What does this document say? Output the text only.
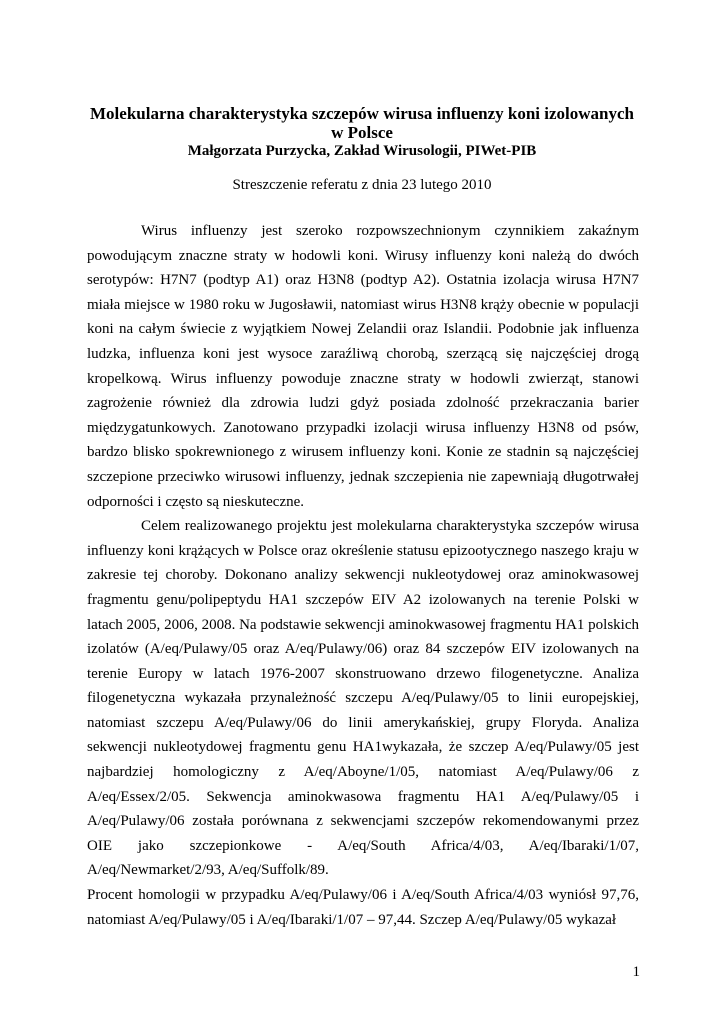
Molekularna charakterystyka szczepów wirusa influenzy koni izolowanych
w Polsce
Małgorzata Purzycka, Zakład Wirusologii, PIWet-PIB
Streszczenie referatu z dnia 23 lutego 2010

Wirus influenzy jest szeroko rozpowszechnionym czynnikiem zakaźnym powodującym znaczne straty w hodowli koni. Wirusy influenzy koni należą do dwóch serotypów: H7N7 (podtyp A1) oraz H3N8 (podtyp A2). Ostatnia izolacja wirusa H7N7 miała miejsce w 1980 roku w Jugosławii, natomiast wirus H3N8 krąży obecnie w populacji koni na całym świecie z wyjątkiem Nowej Zelandii oraz Islandii. Podobnie jak influenza ludzka, influenza koni jest wysoce zaraźliwą chorobą, szerzącą się najczęściej drogą kropelkową. Wirus influenzy powoduje znaczne straty w hodowli zwierząt, stanowi zagrożenie również dla zdrowia ludzi gdyż posiada zdolność przekraczania barier międzygatunkowych. Zanotowano przypadki izolacji wirusa influenzy H3N8 od psów, bardzo blisko spokrewnionego z wirusem influenzy koni. Konie ze stadnin są najczęściej szczepione przeciwko wirusowi influenzy, jednak szczepienia nie zapewniają długotrwałej odporności i często są nieskuteczne.

Celem realizowanego projektu jest molekularna charakterystyka szczepów wirusa influenzy koni krążących w Polsce oraz określenie statusu epizootycznego naszego kraju w zakresie tej choroby. Dokonano analizy sekwencji nukleotydowej oraz aminokwasowej fragmentu genu/polipeptydu HA1 szczepów EIV A2 izolowanych na terenie Polski w latach 2005, 2006, 2008. Na podstawie sekwencji aminokwasowej fragmentu HA1 polskich izolatów (A/eq/Pulawy/05 oraz A/eq/Pulawy/06) oraz 84 szczepów EIV izolowanych na terenie Europy w latach 1976-2007 skonstruowano drzewo filogenetyczne. Analiza filogenetyczna wykazała przynależność szczepu A/eq/Pulawy/05 to linii europejskiej, natomiast szczepu A/eq/Pulawy/06 do linii amerykańskiej, grupy Floryda. Analiza sekwencji nukleotydowej fragmentu genu HA1wykazała, że szczep A/eq/Pulawy/05 jest najbardziej homologiczny z A/eq/Aboyne/1/05, natomiast A/eq/Pulawy/06 z A/eq/Essex/2/05. Sekwencja aminokwasowa fragmentu HA1 A/eq/Pulawy/05 i A/eq/Pulawy/06 została porównana z sekwencjami szczepów rekomendowanymi przez OIE jako szczepionkowe - A/eq/South Africa/4/03, A/eq/Ibaraki/1/07, A/eq/Newmarket/2/93, A/eq/Suffolk/89.

Procent homologii w przypadku A/eq/Pulawy/06 i A/eq/South Africa/4/03 wyniósł 97,76, natomiast A/eq/Pulawy/05 i A/eq/Ibaraki/1/07 – 97,44. Szczep A/eq/Pulawy/05 wykazał

1
